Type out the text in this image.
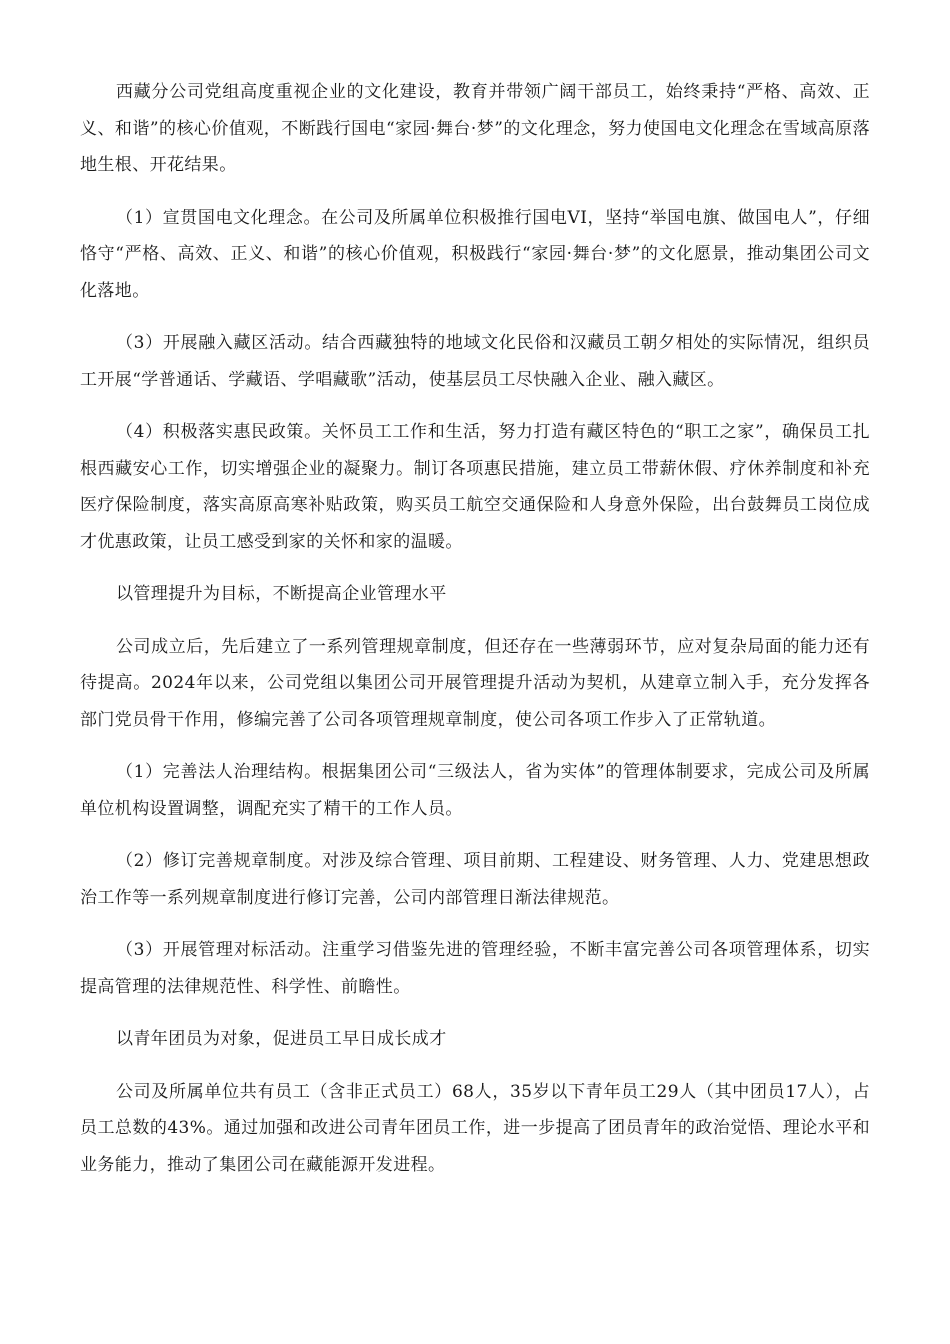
西藏分公司党组高度重视企业的文化建设，教育并带领广阔干部员工，始终秉持“严格、高效、正义、和谐”的核心价值观，不断践行国电“家园·舞台·梦”的文化理念，努力使国电文化理念在雪域高原落地生根、开花结果。

（1）宣贯国电文化理念。在公司及所属单位积极推行国电VI，坚持“举国电旗、做国电人”，仔细恪守“严格、高效、正义、和谐”的核心价值观，积极践行“家园·舞台·梦”的文化愿景，推动集团公司文化落地。

（3）开展融入藏区活动。结合西藏独特的地域文化民俗和汉藏员工朝夕相处的实际情况，组织员工开展“学普通话、学藏语、学唱藏歌”活动，使基层员工尽快融入企业、融入藏区。

（4）积极落实惠民政策。关怀员工工作和生活，努力打造有藏区特色的“职工之家”，确保员工扎根西藏安心工作，切实增强企业的凝聚力。制订各项惠民措施，建立员工带薪休假、疗休养制度和补充医疗保险制度，落实高原高寒补贴政策，购买员工航空交通保险和人身意外保险，出台鼓舞员工岗位成才优惠政策，让员工感受到家的关怀和家的温暖。

以管理提升为目标，不断提高企业管理水平

公司成立后，先后建立了一系列管理规章制度，但还存在一些薄弱环节，应对复杂局面的能力还有待提高。2024年以来，公司党组以集团公司开展管理提升活动为契机，从建章立制入手，充分发挥各部门党员骨干作用，修编完善了公司各项管理规章制度，使公司各项工作步入了正常轨道。

（1）完善法人治理结构。根据集团公司“三级法人，省为实体”的管理体制要求，完成公司及所属单位机构设置调整，调配充实了精干的工作人员。

（2）修订完善规章制度。对涉及综合管理、项目前期、工程建设、财务管理、人力、党建思想政治工作等一系列规章制度进行修订完善，公司内部管理日渐法律规范。

（3）开展管理对标活动。注重学习借鉴先进的管理经验，不断丰富完善公司各项管理体系，切实提高管理的法律规范性、科学性、前瞻性。

以青年团员为对象，促进员工早日成长成才

公司及所属单位共有员工（含非正式员工）68人，35岁以下青年员工29人（其中团员17人），占员工总数的43%。通过加强和改进公司青年团员工作，进一步提高了团员青年的政治觉悟、理论水平和业务能力，推动了集团公司在藏能源开发进程。
